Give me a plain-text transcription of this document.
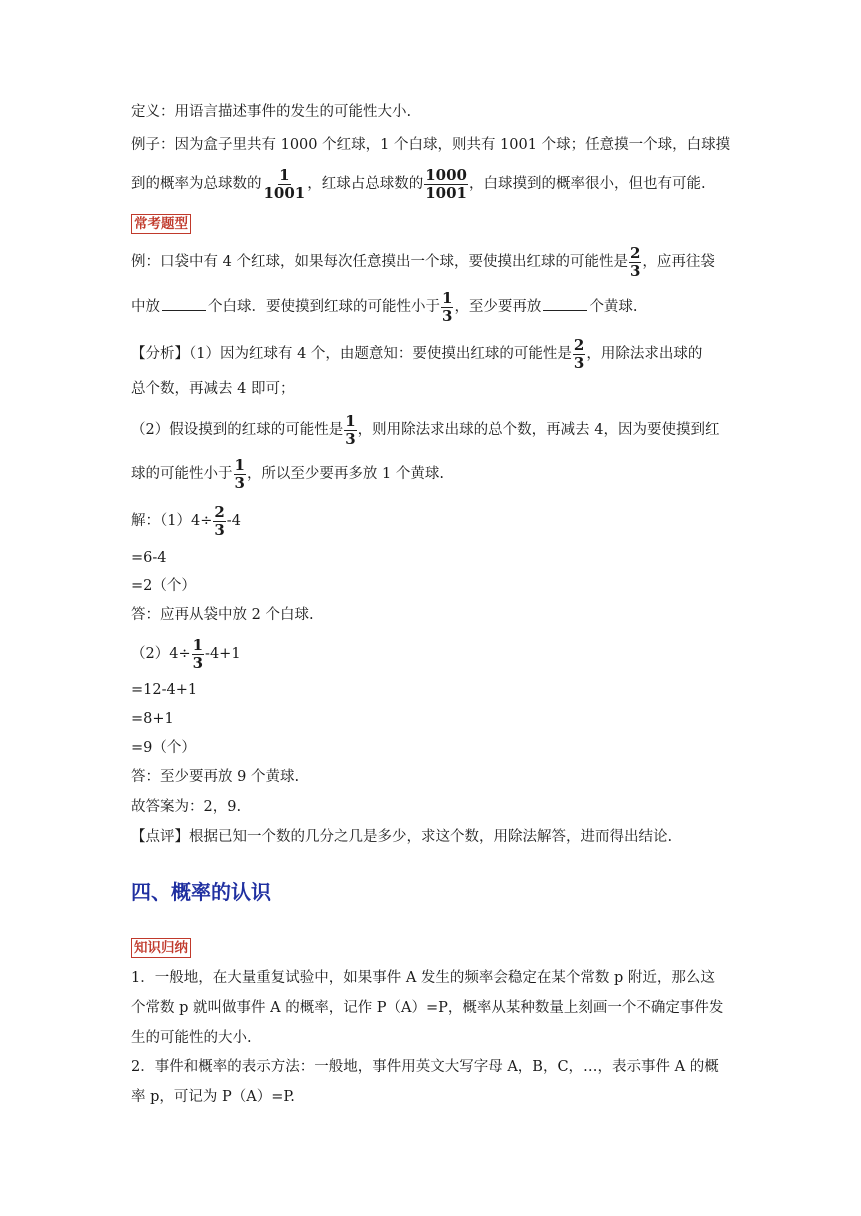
定义：用语言描述事件的发生的可能性大小.
例子：因为盒子里共有 1000 个红球，1 个白球，则共有 1001 个球；任意摸一个球，白球摸
到的概率为总球数的 $\frac{1}{1001}$ ，红球占总球数的 $\frac{1000}{1001}$ ，白球摸到的概率很小，但也有可能.
常考题型
例：口袋中有 4 个红球，如果每次任意摸出一个球，要使摸出红球的可能性是 $\frac{2}{3}$ ，应再往袋
中放	个白球．要使摸到红球的可能性小于 $\frac{1}{3}$ ，至少要再放	个黄球.
【分析】（1）因为红球有 4 个，由题意知：要使摸出红球的可能性是 $\frac{2}{3}$ ，用除法求出球的
总个数，再减去 4 即可；
（2）假设摸到的红球的可能性是 $\frac{1}{3}$ ，则用除法求出球的总个数，再减去 4，因为要使摸到红
球的可能性小于 $\frac{1}{3}$ ，所以至少要再多放 1 个黄球.
解：$(1)4\div \frac{2}{3} -4$
=6-4
=2（个）
答：应再从袋中放 2 个白球.
$(2)4\div \frac{1}{3} -4+1$
=12-4+1
=8+1
=9（个）
答：至少要再放 9 个黄球.
故答案为：2，9.
【点评】根据已知一个数的几分之几是多少，求这个数，用除法解答，进而得出结论.
四、概率的认识
知识归纳
1．一般地，在大量重复试验中，如果事件 A 发生的频率会稳定在某个常数 p 附近，那么这
个常数 p 就叫做事件 A 的概率，记作 P（A）=P，概率从某种数量上刻画一个不确定事件发
生的可能性的大小.
2．事件和概率的表示方法：一般地，事件用英文大写字母 A，B，C，…，表示事件 A 的概
率 p，可记为 P（A）=P.
